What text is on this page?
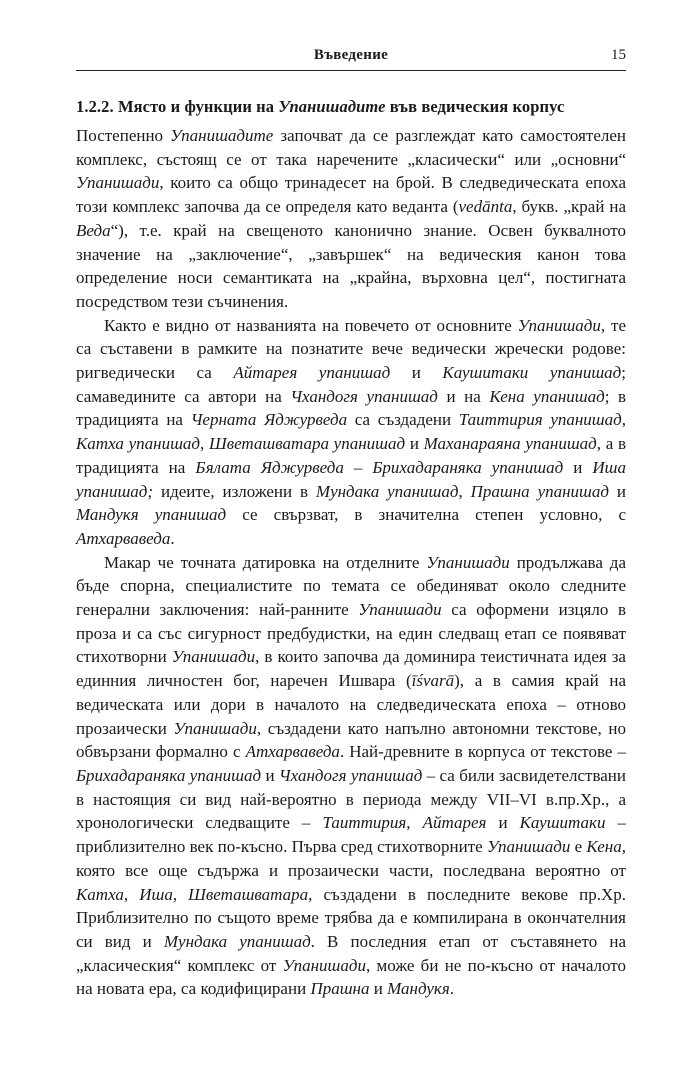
Въведение	15
1.2.2. Място и функции на Упанишадите във ведическия корпус

Постепенно Упанишадите започват да се разглеждат като самостоятелен комплекс, състоящ се от така наречените „класически“ или „основни“ Упанишади, които са общо тринадесет на брой. В следведическата епоха този комплекс започва да се определя като веданта (vedānta, букв. „край на Веда“), т.е. край на свещеното канонично знание. Освен буквалното значение на „заключение“, „завършек“ на ведическия канон това определение носи семантиката на „крайна, върховна цел“, постигната посредством тези съчинения.

Както е видно от названията на повечето от основните Упанишади, те са съставени в рамките на познатите вече ведически жречески родове: ригведически са Айтарея упанишад и Каушитаки упанишад; самаведините са автори на Чхандогя упанишад и на Кена упанишад; в традицията на Черната Яджурведа са създадени Таиттирия упанишад, Катха упанишад, Шветашватара упанишад и Маханараяна упанишад, а в традицията на Бялата Яджурведа – Брихадараняка упанишад и Иша упанишад; идеите, изложени в Мундака упанишад, Прашна упанишад и Мандукя упанишад се свързват, в значителна степен условно, с Атхарваведа.

Макар че точната датировка на отделните Упанишади продължава да бъде спорна, специалистите по темата се обединяват около следните генерални заключения: най-ранните Упанишади са оформени изцяло в проза и са със сигурност предбудистки, на един следващ етап се появяват стихотворни Упанишади, в които започва да доминира теистичната идея за единния личностен бог, наречен Ишвара (īśvarā), а в самия край на ведическата или дори в началото на следведическата епоха – отново прозаически Упанишади, създадени като напълно автономни текстове, но обвързани формално с Атхарваведа. Най-древните в корпуса от текстове – Брихадараняка упанишад и Чхандогя упанишад – са били засвидетелствани в настоящия си вид най-вероятно в периода между VII–VI в.пр.Хр., а хронологически следващите – Таиттирия, Айтарея и Каушитаки – приблизително век по-късно. Първа сред стихотворните Упанишади е Кена, която все още съдържа и прозаически части, последвана вероятно от Катха, Иша, Шветашватара, създадени в последните векове пр.Хр. Приблизително по същото време трябва да е компилирана в окончателния си вид и Мундака упанишад. В последния етап от съставянето на „класическия“ комплекс от Упанишади, може би не по-късно от началото на новата ера, са кодифицирани Прашна и Мандукя.
